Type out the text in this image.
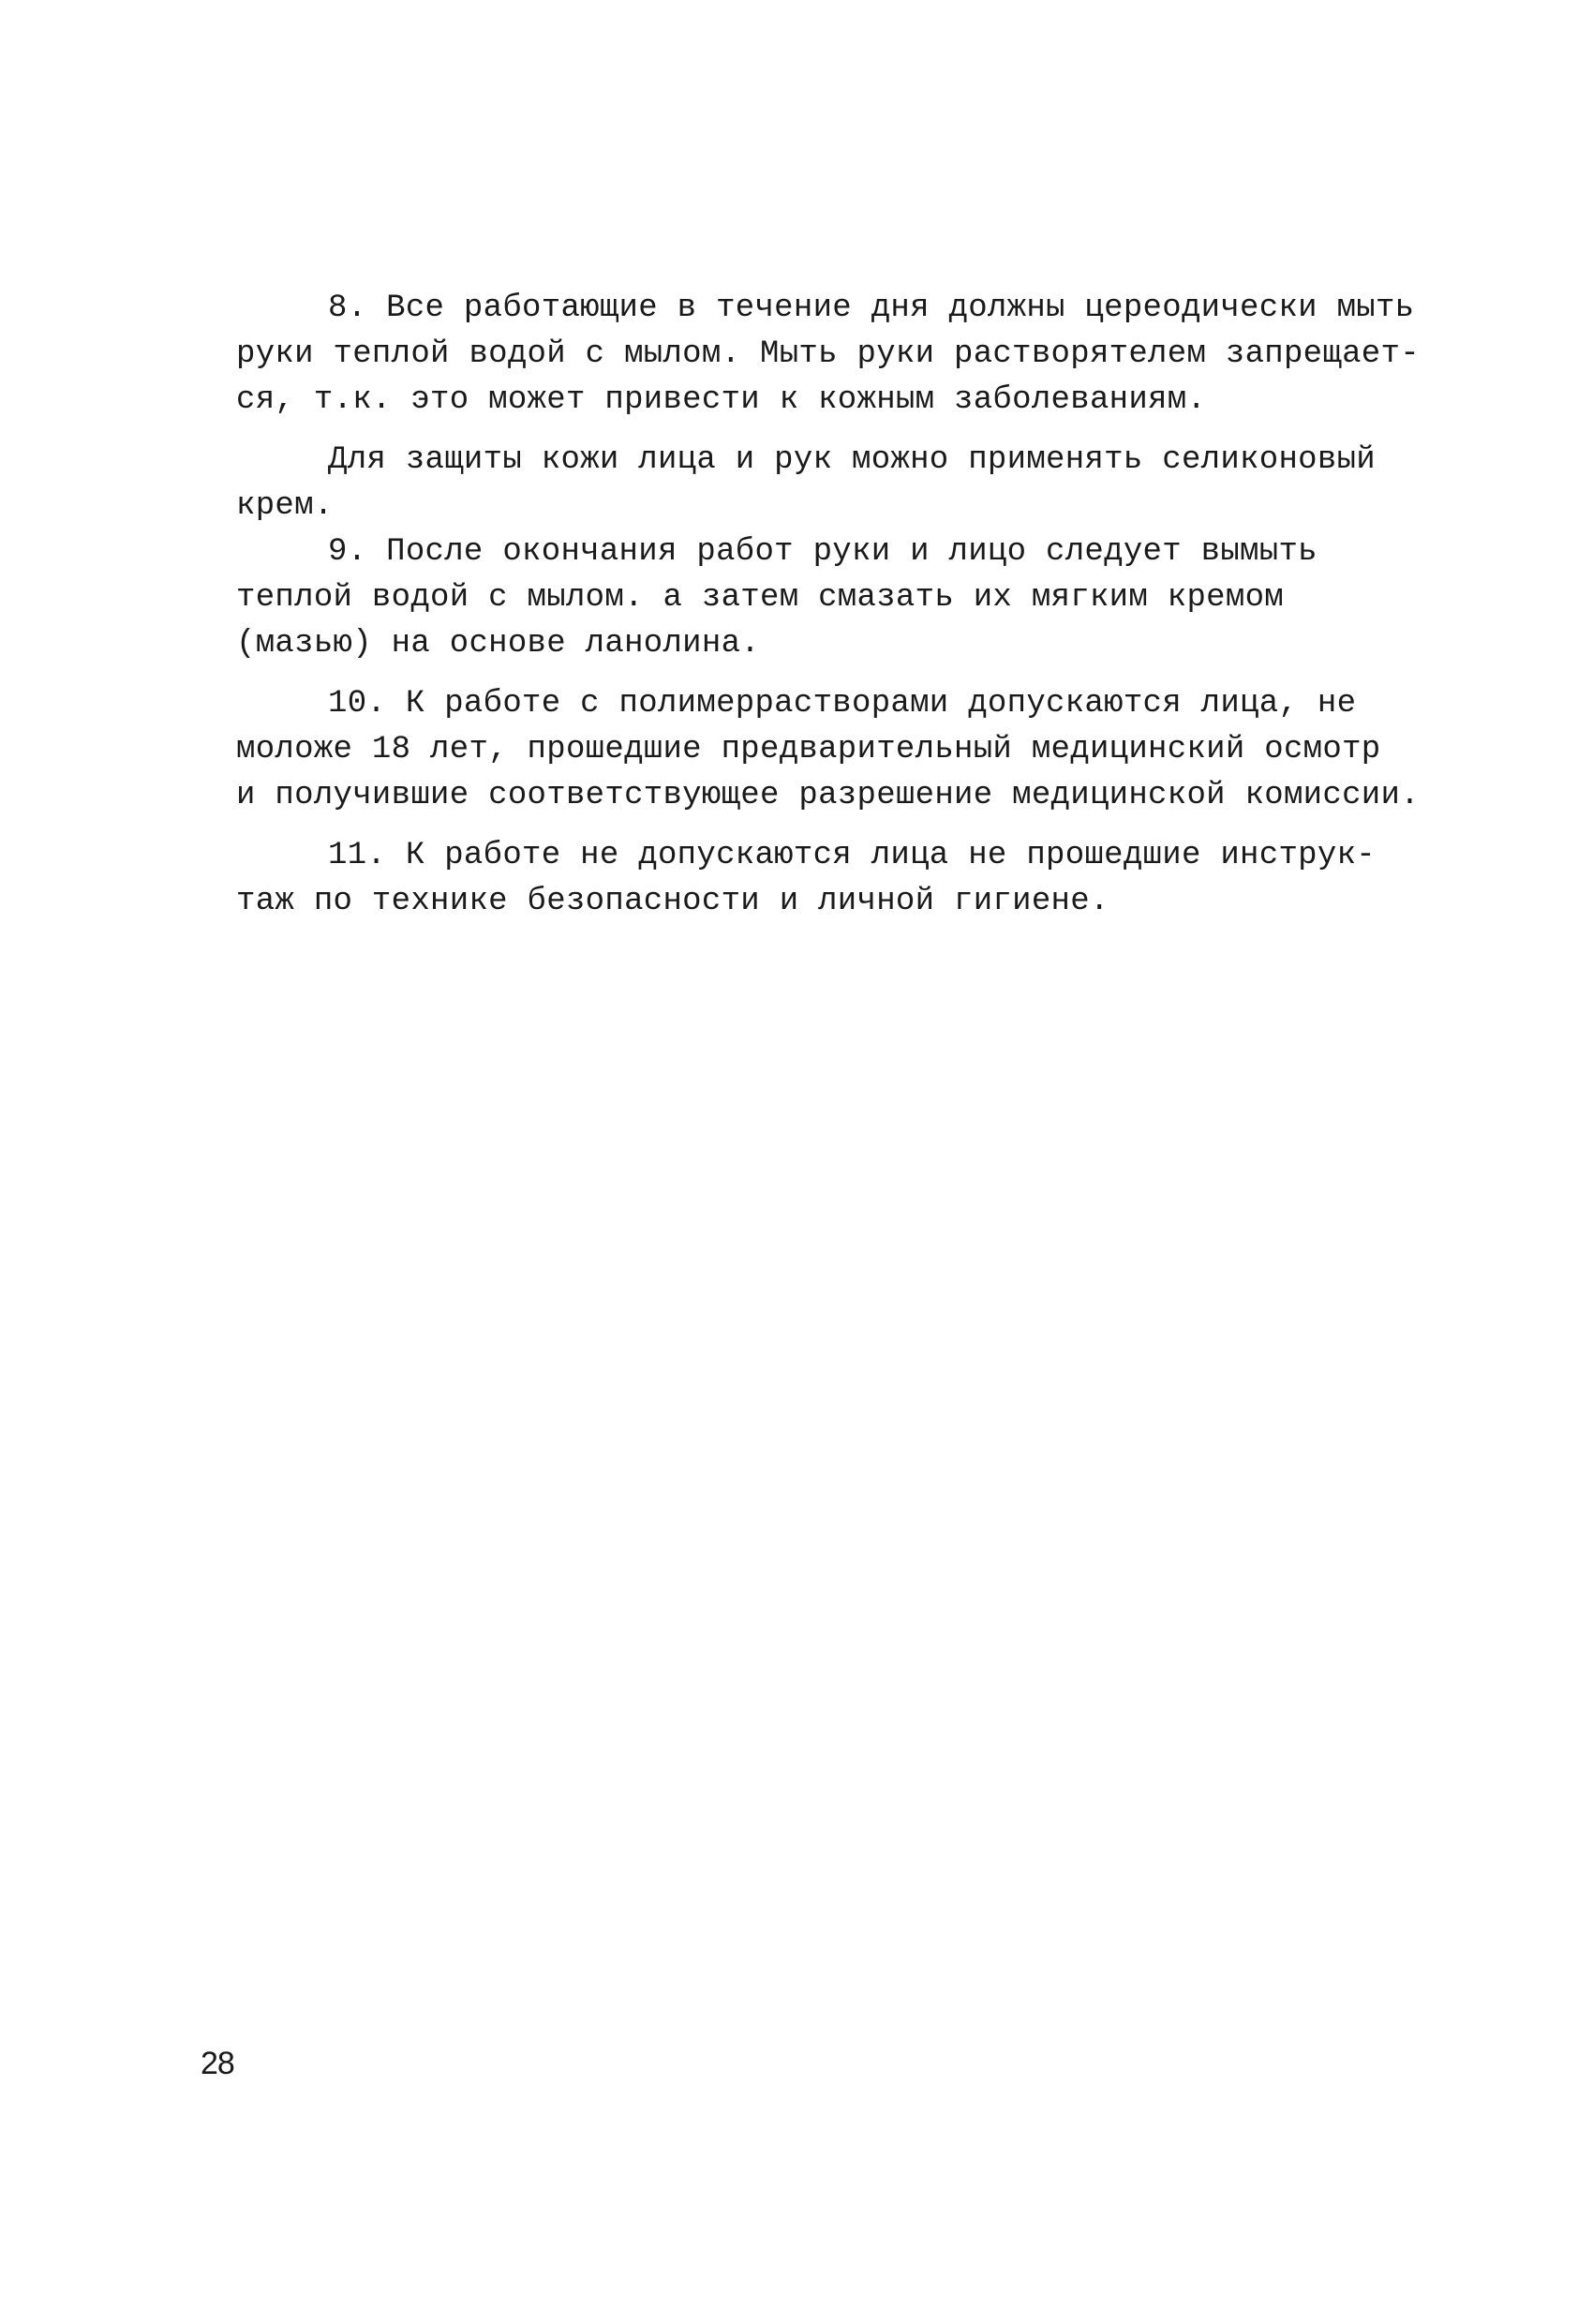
8. Все работающие в течение дня должны цереодически мыть
руки теплой водой с мылом. Мыть руки растворятелем запрещает-
ся, т.к. это может привести к кожным заболеваниям.
Для защиты кожи лица и рук можно применять селиконовый
крем.
9. После окончания работ руки и лицо следует вымыть
теплой водой с мылом. а затем смазать их мягким кремом
(мазью) на основе ланолина.
10. К работе с полимеррастворами допускаются лица, не
моложе 18 лет, прошедшие предварительный медицинский осмотр
и получившие соответствующее разрешение медицинской комиссии.
11. К работе не допускаются лица не прошедшие инструк-
таж по технике безопасности и личной гигиене.
28
